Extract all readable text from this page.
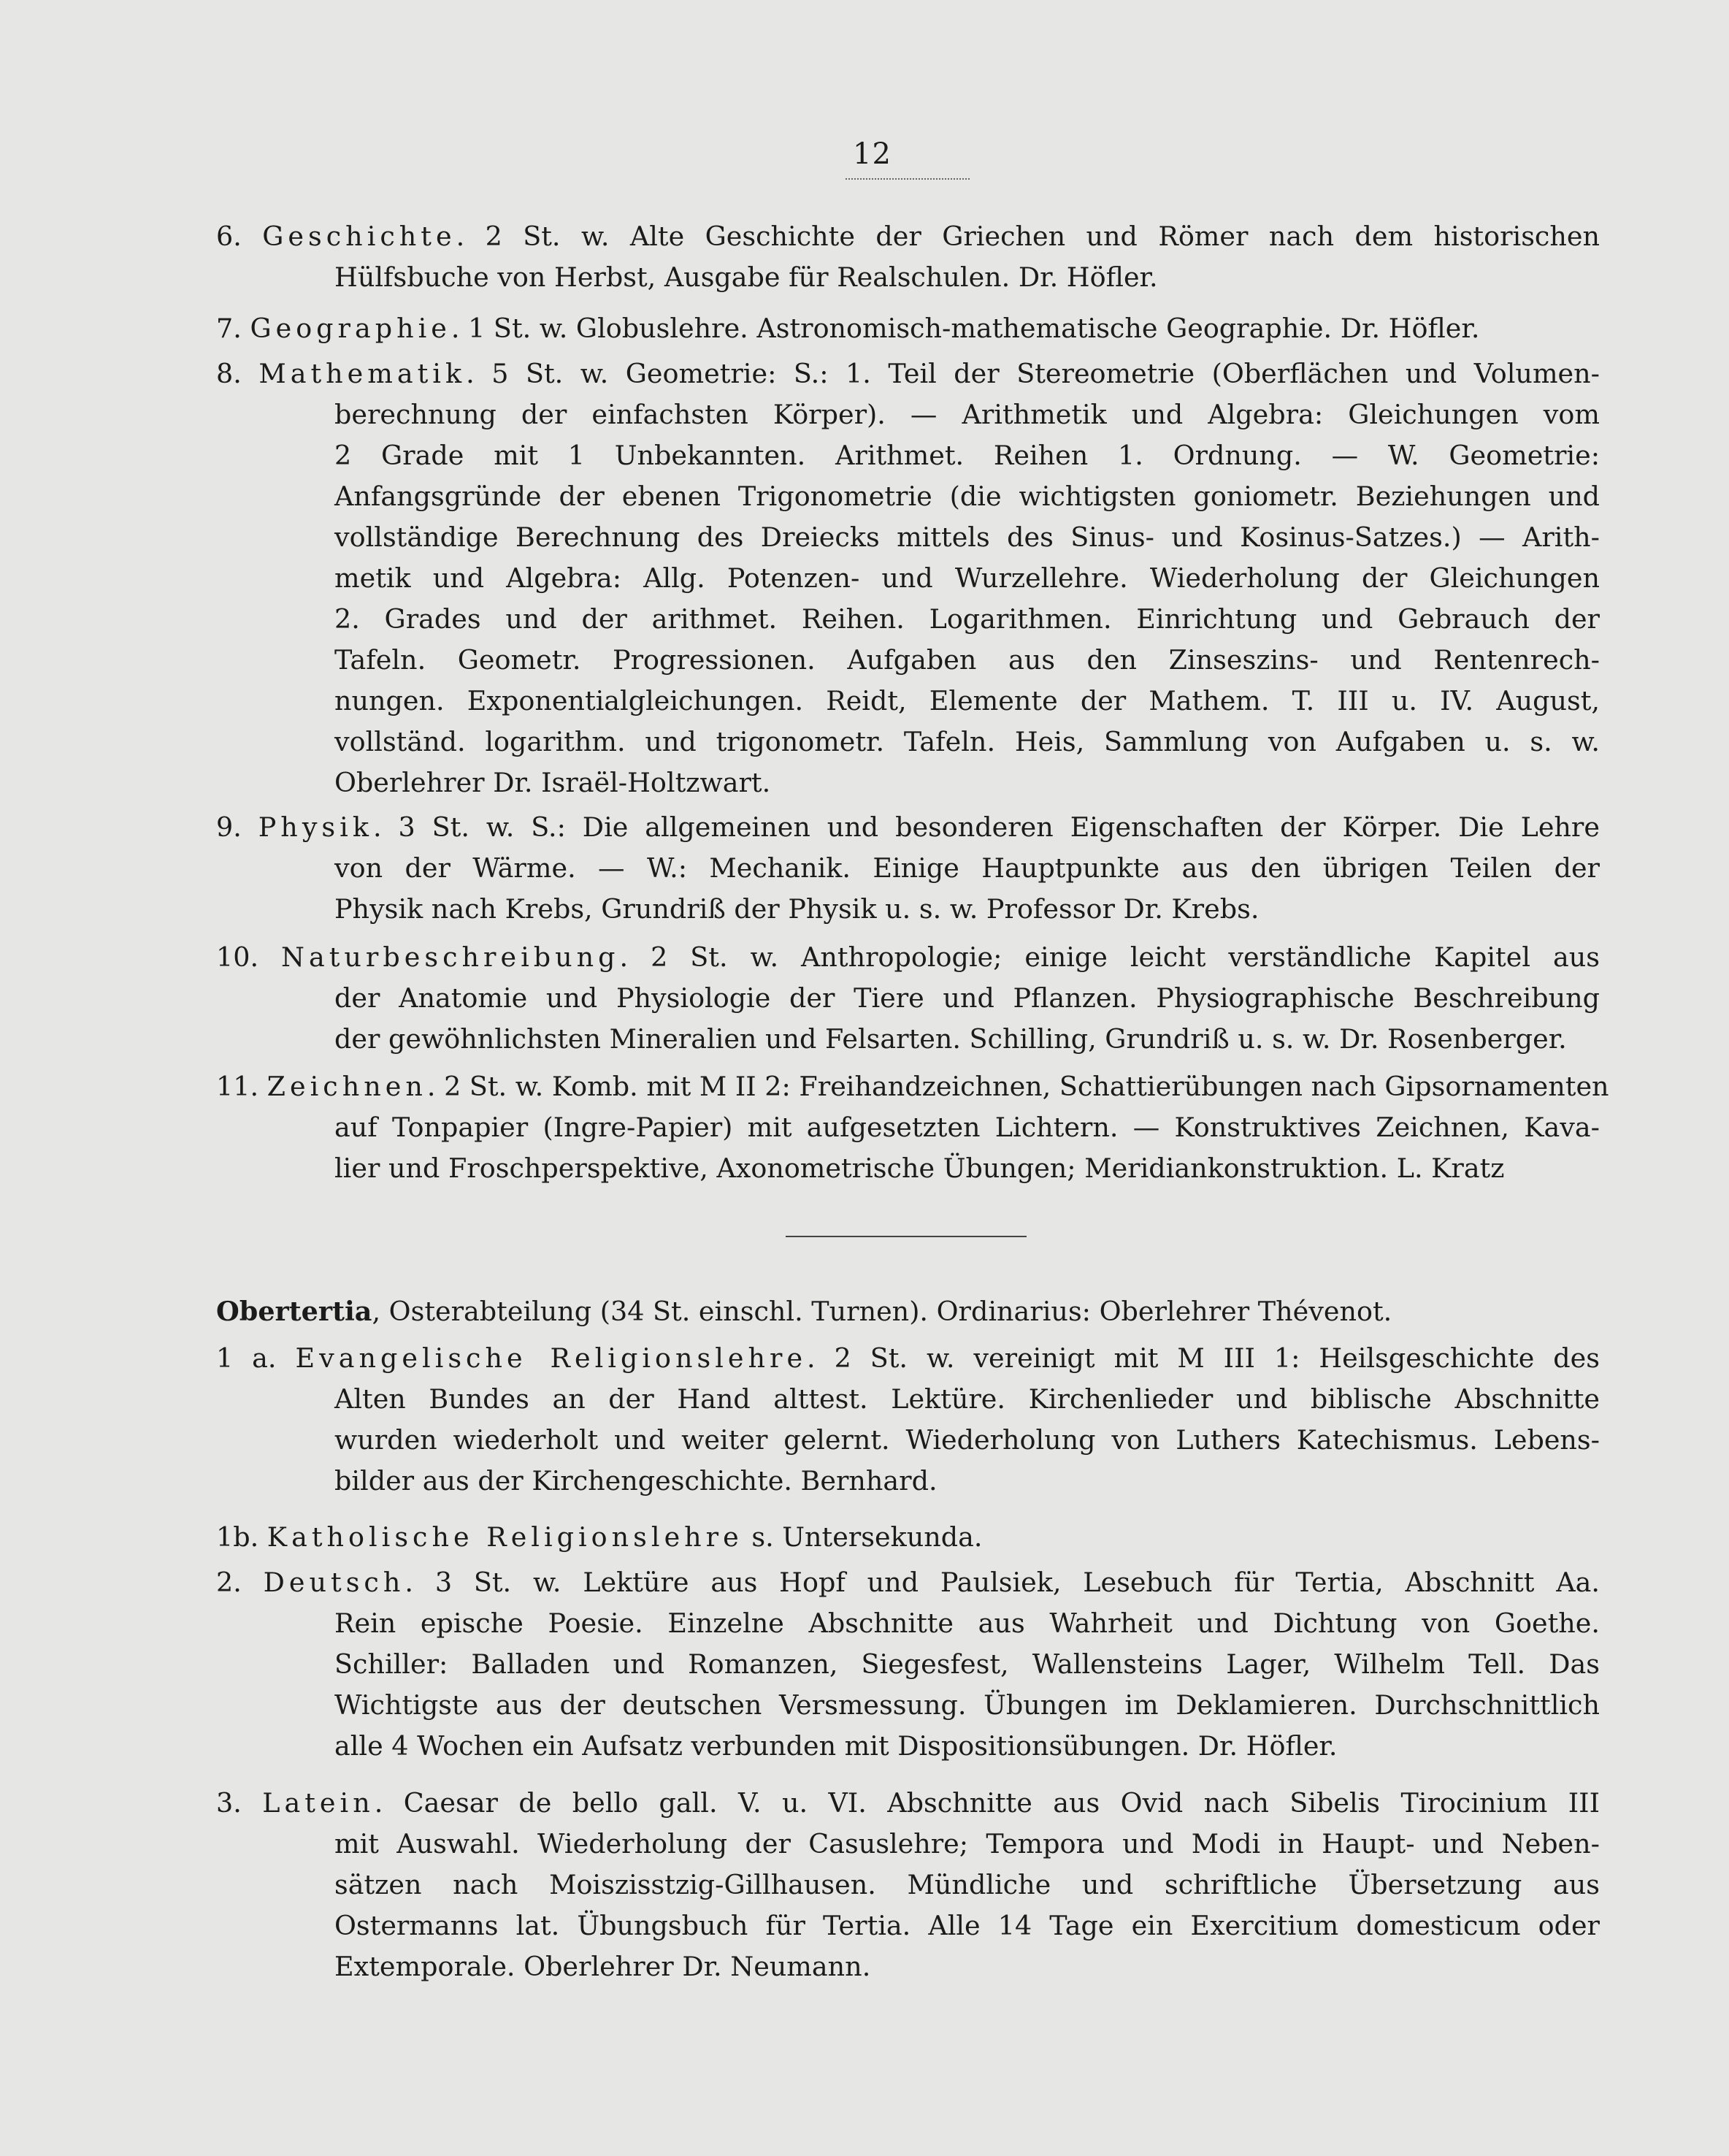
12
6. Geschichte. 2 St. w. Alte Geschichte der Griechen und Römer nach dem historischen
Hülfsbuche von Herbst, Ausgabe für Realschulen. Dr. Höfler.
7. Geographie. 1 St. w. Globuslehre. Astronomisch-mathematische Geographie. Dr. Höfler.
8. Mathematik. 5 St. w. Geometrie: S.: 1. Teil der Stereometrie (Oberflächen und Volumen-
berechnung der einfachsten Körper). — Arithmetik und Algebra: Gleichungen vom
2 Grade mit 1 Unbekannten. Arithmet. Reihen 1. Ordnung. — W. Geometrie:
Anfangsgründe der ebenen Trigonometrie (die wichtigsten goniometr. Beziehungen und
vollständige Berechnung des Dreiecks mittels des Sinus- und Kosinus-Satzes.) — Arith-
metik und Algebra: Allg. Potenzen- und Wurzellehre. Wiederholung der Gleichungen
2. Grades und der arithmet. Reihen. Logarithmen. Einrichtung und Gebrauch der
Tafeln. Geometr. Progressionen. Aufgaben aus den Zinseszins- und Rentenrech-
nungen. Exponentialgleichungen. Reidt, Elemente der Mathem. T. III u. IV. August,
vollständ. logarithm. und trigonometr. Tafeln. Heis, Sammlung von Aufgaben u. s. w.
Oberlehrer Dr. Israël-Holtzwart.
9. Physik. 3 St. w. S.: Die allgemeinen und besonderen Eigenschaften der Körper. Die Lehre
von der Wärme. — W.: Mechanik. Einige Hauptpunkte aus den übrigen Teilen der
Physik nach Krebs, Grundriß der Physik u. s. w. Professor Dr. Krebs.
10. Naturbeschreibung. 2 St. w. Anthropologie; einige leicht verständliche Kapitel aus
der Anatomie und Physiologie der Tiere und Pflanzen. Physiographische Beschreibung
der gewöhnlichsten Mineralien und Felsarten. Schilling, Grundriß u. s. w. Dr. Rosenberger.
11. Zeichnen. 2 St. w. Komb. mit M II 2: Freihandzeichnen, Schattierübungen nach Gipsornamenten
auf Tonpapier (Ingre-Papier) mit aufgesetzten Lichtern. — Konstruktives Zeichnen, Kava-
lier und Froschperspektive, Axonometrische Übungen; Meridiankonstruktion. L. Kratz
Obertertia, Osterabteilung (34 St. einschl. Turnen). Ordinarius: Oberlehrer Thévenot.
1 a. Evangelische Religionslehre. 2 St. w. vereinigt mit M III 1: Heilsgeschichte des
Alten Bundes an der Hand alttest. Lektüre. Kirchenlieder und biblische Abschnitte
wurden wiederholt und weiter gelernt. Wiederholung von Luthers Katechismus. Lebens-
bilder aus der Kirchengeschichte. Bernhard.
1b. Katholische Religionslehre s. Untersekunda.
2. Deutsch. 3 St. w. Lektüre aus Hopf und Paulsiek, Lesebuch für Tertia, Abschnitt Aa.
Rein epische Poesie. Einzelne Abschnitte aus Wahrheit und Dichtung von Goethe.
Schiller: Balladen und Romanzen, Siegesfest, Wallensteins Lager, Wilhelm Tell. Das
Wichtigste aus der deutschen Versmessung. Übungen im Deklamieren. Durchschnittlich
alle 4 Wochen ein Aufsatz verbunden mit Dispositionsübungen. Dr. Höfler.
3. Latein. Caesar de bello gall. V. u. VI. Abschnitte aus Ovid nach Sibelis Tirocinium III
mit Auswahl. Wiederholung der Casuslehre; Tempora und Modi in Haupt- und Neben-
sätzen nach Moiszisstzig-Gillhausen. Mündliche und schriftliche Übersetzung aus
Ostermanns lat. Übungsbuch für Tertia. Alle 14 Tage ein Exercitium domesticum oder
Extemporale. Oberlehrer Dr. Neumann.
